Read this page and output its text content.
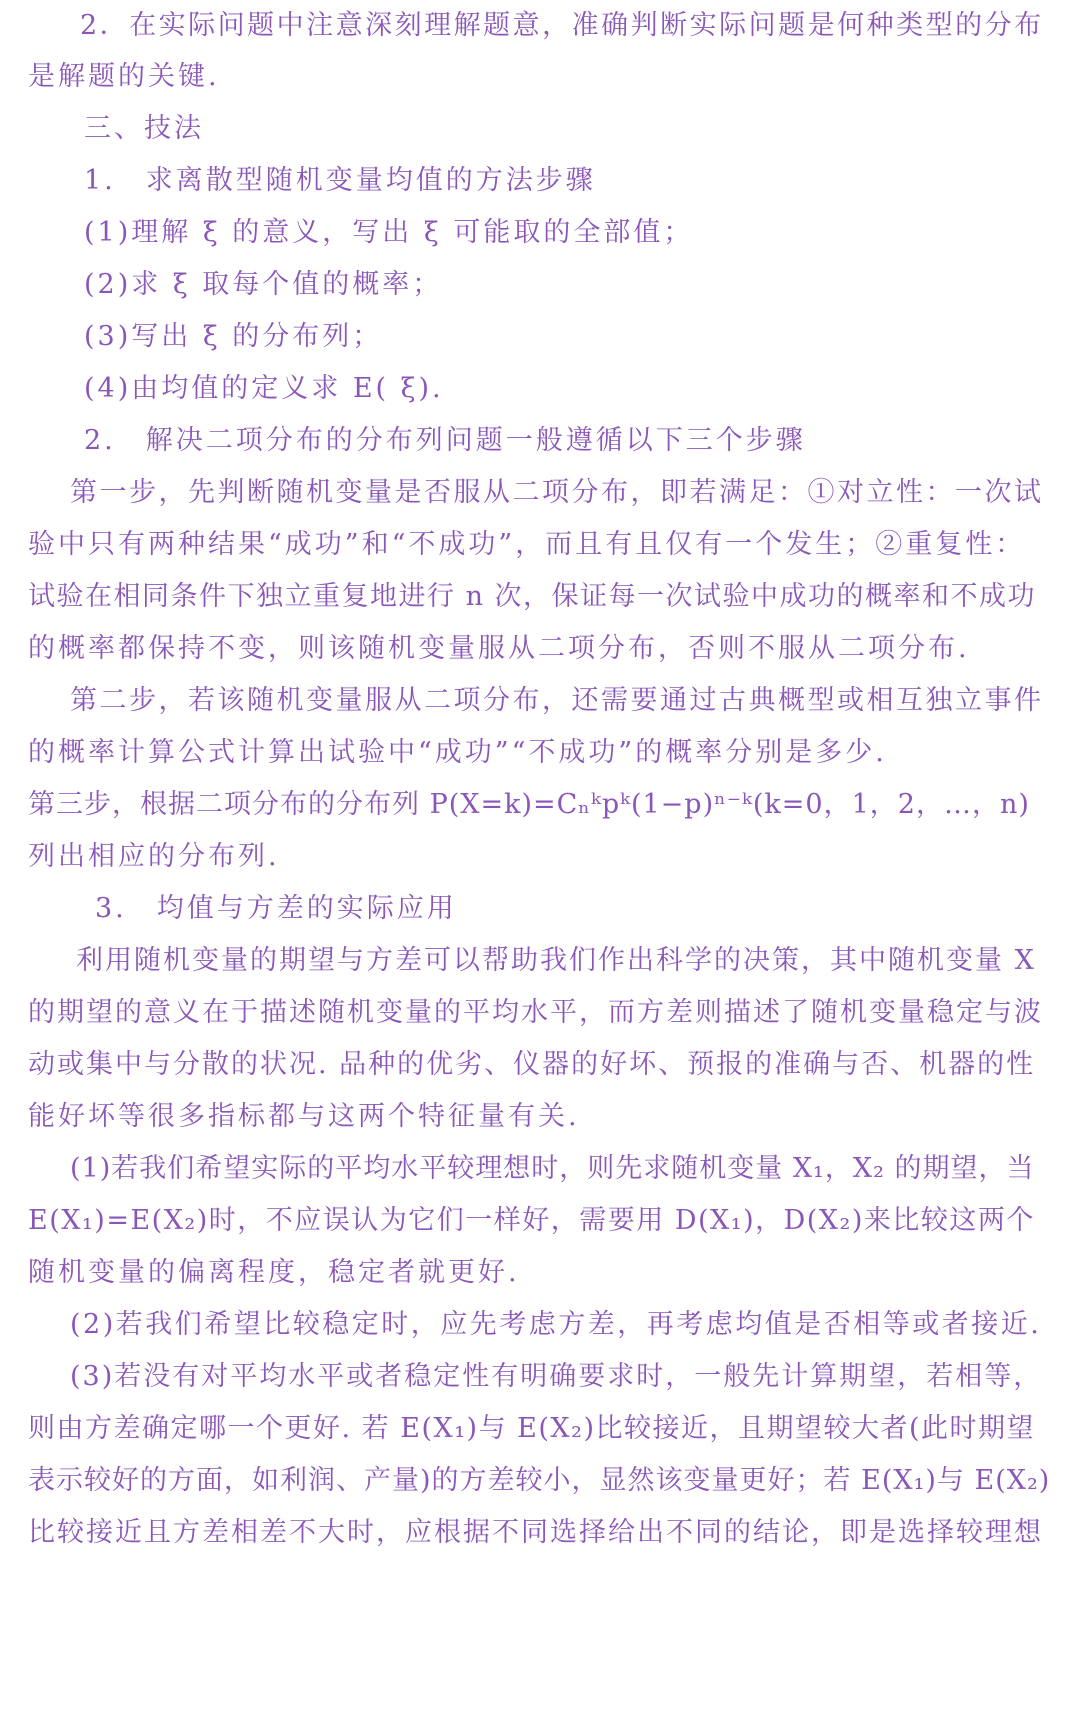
2．在实际问题中注意深刻理解题意，准确判断实际问题是何种类型的分布
是解题的关键.
三、技法
1.　求离散型随机变量均值的方法步骤
(1)理解 ξ 的意义，写出 ξ 可能取的全部值；
(2)求 ξ 取每个值的概率；
(3)写出 ξ 的分布列；
(4)由均值的定义求 E( ξ).
2.　解决二项分布的分布列问题一般遵循以下三个步骤
第一步，先判断随机变量是否服从二项分布，即若满足：①对立性：一次试
验中只有两种结果“成功”和“不成功”，而且有且仅有一个发生；②重复性：
试验在相同条件下独立重复地进行 n 次，保证每一次试验中成功的概率和不成功
的概率都保持不变，则该随机变量服从二项分布，否则不服从二项分布.
第二步，若该随机变量服从二项分布，还需要通过古典概型或相互独立事件
的概率计算公式计算出试验中“成功”“不成功”的概率分别是多少.
第三步，根据二项分布的分布列 P(X=k)=Cₙᵏpᵏ(1−p)ⁿ⁻ᵏ(k=0，1，2，…，n)
列出相应的分布列.
3.　均值与方差的实际应用
利用随机变量的期望与方差可以帮助我们作出科学的决策，其中随机变量 X
的期望的意义在于描述随机变量的平均水平，而方差则描述了随机变量稳定与波
动或集中与分散的状况. 品种的优劣、仪器的好坏、预报的准确与否、机器的性
能好坏等很多指标都与这两个特征量有关.
(1)若我们希望实际的平均水平较理想时，则先求随机变量 X₁，X₂ 的期望，当
E(X₁)=E(X₂)时，不应误认为它们一样好，需要用 D(X₁)，D(X₂)来比较这两个
随机变量的偏离程度，稳定者就更好.
(2)若我们希望比较稳定时，应先考虑方差，再考虑均值是否相等或者接近.
(3)若没有对平均水平或者稳定性有明确要求时，一般先计算期望，若相等，
则由方差确定哪一个更好. 若 E(X₁)与 E(X₂)比较接近，且期望较大者(此时期望
表示较好的方面，如利润、产量)的方差较小，显然该变量更好；若 E(X₁)与 E(X₂)
比较接近且方差相差不大时，应根据不同选择给出不同的结论，即是选择较理想
